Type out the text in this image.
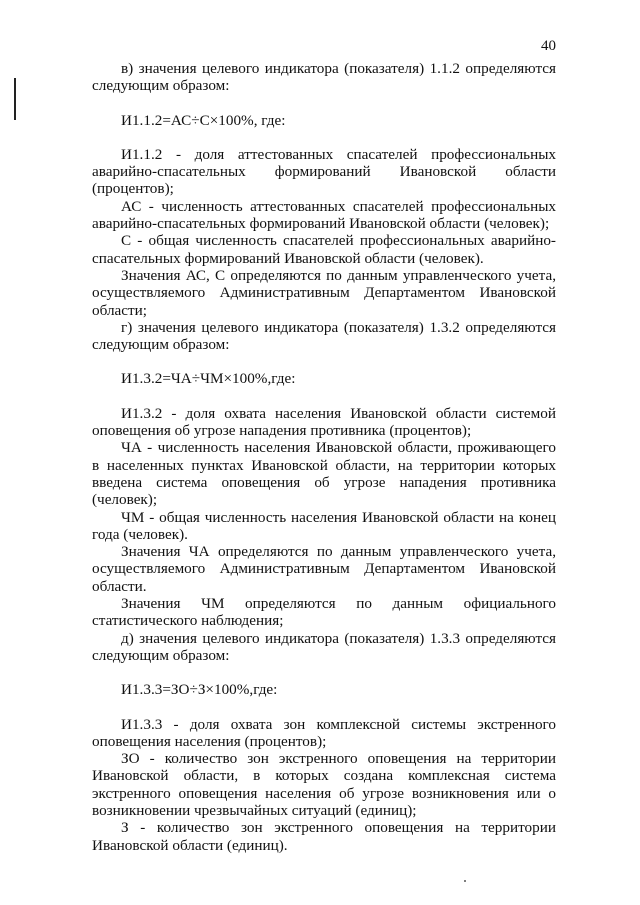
40

в) значения целевого индикатора (показателя) 1.1.2 определяются следующим образом:

И1.1.2=АС÷С×100%, где:

И1.1.2 - доля аттестованных спасателей профессиональных аварийно-спасательных формирований Ивановской области (процентов);

АС - численность аттестованных спасателей профессиональных аварийно-спасательных формирований Ивановской области (человек);

С - общая численность спасателей профессиональных аварийно-спасательных формирований Ивановской области (человек).

Значения АС, С определяются по данным управленческого учета, осуществляемого Административным Департаментом Ивановской области;

г) значения целевого индикатора (показателя) 1.3.2 определяются следующим образом:

И1.3.2=ЧА÷ЧМ×100%,где:

И1.3.2 - доля охвата населения Ивановской области системой оповещения об угрозе нападения противника (процентов);

ЧА - численность населения Ивановской области, проживающего в населенных пунктах Ивановской области, на территории которых введена система оповещения об угрозе нападения противника (человек);

ЧМ - общая численность населения Ивановской области на конец года (человек).

Значения ЧА определяются по данным управленческого учета, осуществляемого Административным Департаментом Ивановской области.

Значения ЧМ определяются по данным официального статистического наблюдения;

д) значения целевого индикатора (показателя) 1.3.3 определяются следующим образом:

И1.3.3=ЗО÷З×100%,где:

И1.3.3 - доля охвата зон комплексной системы экстренного оповещения населения (процентов);

ЗО - количество зон экстренного оповещения на территории Ивановской области, в которых создана комплексная система экстренного оповещения населения об угрозе возникновения или о возникновении чрезвычайных ситуаций (единиц);

З - количество зон экстренного оповещения на территории Ивановской области (единиц).
